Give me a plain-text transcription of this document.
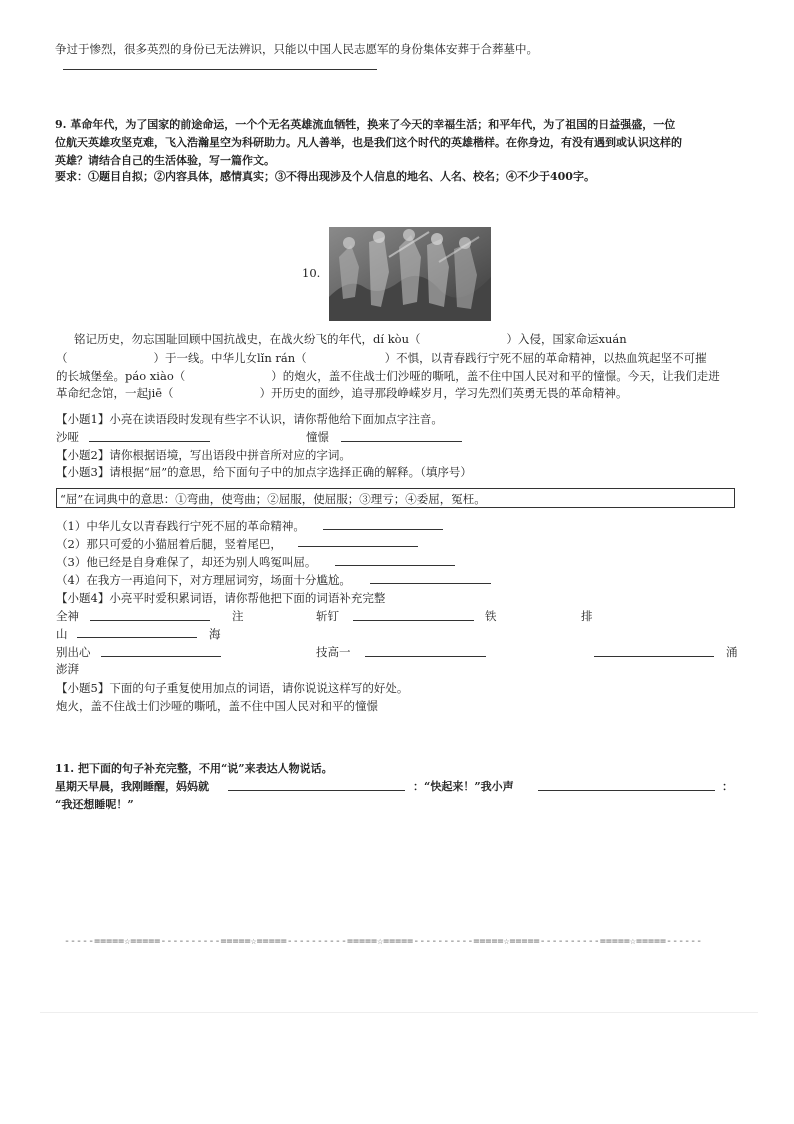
争过于惨烈，很多英烈的身份已无法辨识，只能以中国人民志愿军的身份集体安葬于合葬墓中。
9. 革命年代，为了国家的前途命运，一个个无名英雄流血牺牲，换来了今天的幸福生活；和平年代，为了祖国的日益强盛，一位
位航天英雄攻坚克难，飞入浩瀚星空为科研助力。凡人善举，也是我们这个时代的英雄楷样。在你身边，有没有遇到或认识这样的
英雄？请结合自己的生活体验，写一篇作文。
要求：①题目自拟；②内容具体，感情真实；③不得出现涉及个人信息的地名、人名、校名；④不少于400字。
10.
铭记历史，勿忘国耻回顾中国抗战史，在战火纷飞的年代，dí kòu（	）入侵，国家命运xuán
（	）于一线。中华儿女lǐn rán（	）不惧，以青春践行宁死不屈的革命精神，以热血筑起坚不可摧
的长城堡垒。páo xiào（	）的炮火，盖不住战士们沙哑的嘶吼，盖不住中国人民对和平的憧憬。今天，让我们走进
革命纪念馆，一起jiē（	）开历史的面纱，追寻那段峥嵘岁月，学习先烈们英勇无畏的革命精神。
【小题1】小亮在读语段时发现有些字不认识，请你帮他给下面加点字注音。
沙哑	憧憬
【小题2】请你根据语境，写出语段中拼音所对应的字词。
【小题3】请根据“屈”的意思，给下面句子中的加点字选择正确的解释。（填序号）
“屈”在词典中的意思：①弯曲，使弯曲；②屈服，使屈服；③理亏；④委屈，冤枉。
（1）中华儿女以青春践行宁死不屈的革命精神。
（2）那只可爱的小猫屈着后腿，竖着尾巴，
（3）他已经是自身难保了，却还为别人鸣冤叫屈。
（4）在我方一再追问下，对方理屈词穷，场面十分尴尬。
【小题4】小亮平时爱积累词语，请你帮他把下面的词语补充完整
全神	注	斩钉	铁	排
山	海
别出心	技高一	涌
澎湃
【小题5】下面的句子重复使用加点的词语，请你说说这样写的好处。
炮火，盖不住战士们沙哑的嘶吼，盖不住中国人民对和平的憧憬
11. 把下面的句子补充完整，不用“说”来表达人物说话。
星期天早晨，我刚睡醒，妈妈就	：“快起来！”我小声	：
“我还想睡呢！”
-----=====☆=====----------=====☆=====----------=====☆=====----------=====☆=====----------=====☆=====------
